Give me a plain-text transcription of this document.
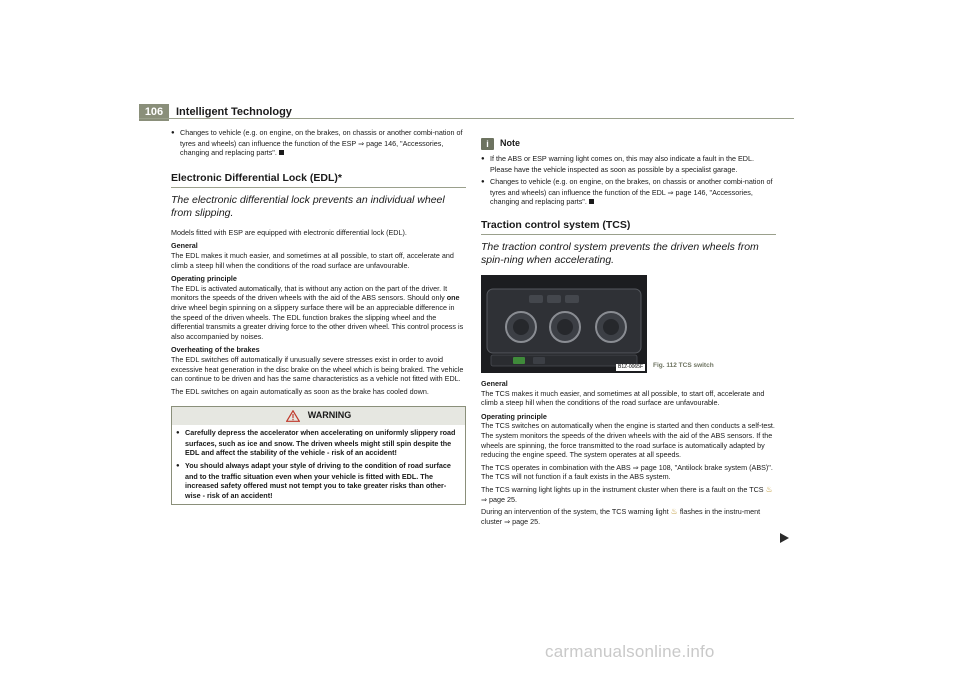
106	Intelligent Technology

● Changes to vehicle (e.g. on engine, on the brakes, on chassis or another combi-nation of tyres and wheels) can influence the function of the ESP ⇒ page 146, "Accessories, changing and replacing parts".

Electronic Differential Lock (EDL)*
The electronic differential lock prevents an individual wheel from slipping.

Models fitted with ESP are equipped with electronic differential lock (EDL).

General

The EDL makes it much easier, and sometimes at all possible, to start off, accelerate and climb a steep hill when the conditions of the road surface are unfavourable.

Operating principle

The EDL is activated automatically, that is without any action on the part of the driver. It monitors the speeds of the driven wheels with the aid of the ABS sensors. Should only one drive wheel begin spinning on a slippery surface there will be an appreciable difference in the speed of the driven wheels. The EDL function brakes the slipping wheel and the differential transmits a greater driving force to the other driven wheel. This control process is also accompanied by noises.

Overheating of the brakes

The EDL switches off automatically if unusually severe stresses exist in order to avoid excessive heat generation in the disc brake on the wheel which is being braked. The vehicle can continue to be driven and has the same characteristics as a vehicle not fitted with EDL.

The EDL switches on again automatically as soon as the brake has cooled down.

WARNING

● Carefully depress the accelerator when accelerating on uniformly slippery road surfaces, such as ice and snow. The driven wheels might still spin despite the EDL and affect the stability of the vehicle - risk of an accident!

● You should always adapt your style of driving to the condition of road surface and to the traffic situation even when your vehicle is fitted with EDL. The increased safety offered must not tempt you to take greater risks than other-wise - risk of an accident!

i	Note

● If the ABS or ESP warning light comes on, this may also indicate a fault in the EDL. Please have the vehicle inspected as soon as possible by a specialist garage.

● Changes to vehicle (e.g. on engine, on the brakes, on chassis or another combi-nation of tyres and wheels) can influence the function of the EDL ⇒ page 146, "Accessories, changing and replacing parts".

Traction control system (TCS)
The traction control system prevents the driven wheels from spin-ning when accelerating.
B1Z-0065F	Fig. 112 TCS switch

General

The TCS makes it much easier, and sometimes at all possible, to start off, accelerate and climb a steep hill when the conditions of the road surface are unfavourable.

Operating principle

The TCS switches on automatically when the engine is started and then conducts a self-test. The system monitors the speeds of the driven wheels with the aid of the ABS sensors. If the wheels are spinning, the force transmitted to the road surface is automatically adapted by reducing the engine speed. The system operates at all speeds.

The TCS operates in combination with the ABS ⇒ page 108, "Antilock brake system (ABS)". The TCS will not function if a fault exists in the ABS system.

The TCS warning light lights up in the instrument cluster when there is a fault on the TCS ♨ ⇒ page 25.

During an intervention of the system, the TCS warning light ♨ flashes in the instru-ment cluster ⇒ page 25.

carmanualsonline.info
